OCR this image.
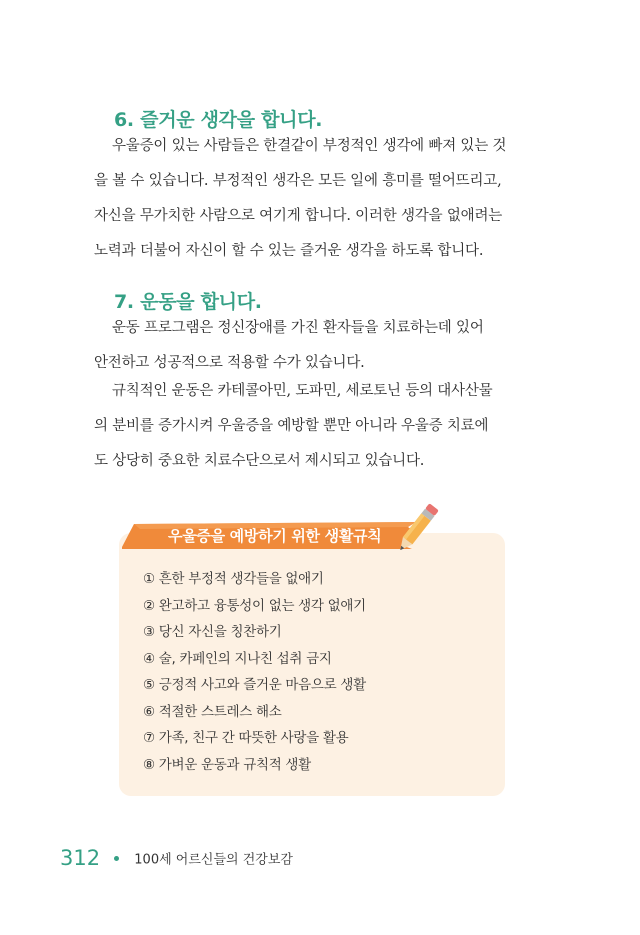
6. 즐거운 생각을 합니다.
우울증이 있는 사람들은 한결같이 부정적인 생각에 빠져 있는 것
을 볼 수 있습니다. 부정적인 생각은 모든 일에 흥미를 떨어뜨리고,
자신을 무가치한 사람으로 여기게 합니다. 이러한 생각을 없애려는
노력과 더불어 자신이 할 수 있는 즐거운 생각을 하도록 합니다.
7. 운동을 합니다.
운동 프로그램은 정신장애를 가진 환자들을 치료하는데 있어
안전하고 성공적으로 적용할 수가 있습니다.
규칙적인 운동은 카테콜아민, 도파민, 세로토닌 등의 대사산물
의 분비를 증가시켜 우울증을 예방할 뿐만 아니라 우울증 치료에
도 상당히 중요한 치료수단으로서 제시되고 있습니다.
우울증을 예방하기 위한 생활규칙
① 흔한 부정적 생각들을 없애기
② 완고하고 융통성이 없는 생각 없애기
③ 당신 자신을 칭찬하기
④ 술, 카페인의 지나친 섭취 금지
⑤ 긍정적 사고와 즐거운 마음으로 생활
⑥ 적절한 스트레스 해소
⑦ 가족, 친구 간 따뜻한 사랑을 활용
⑧ 가벼운 운동과 규칙적 생활
312	100세 어르신들의 건강보감
